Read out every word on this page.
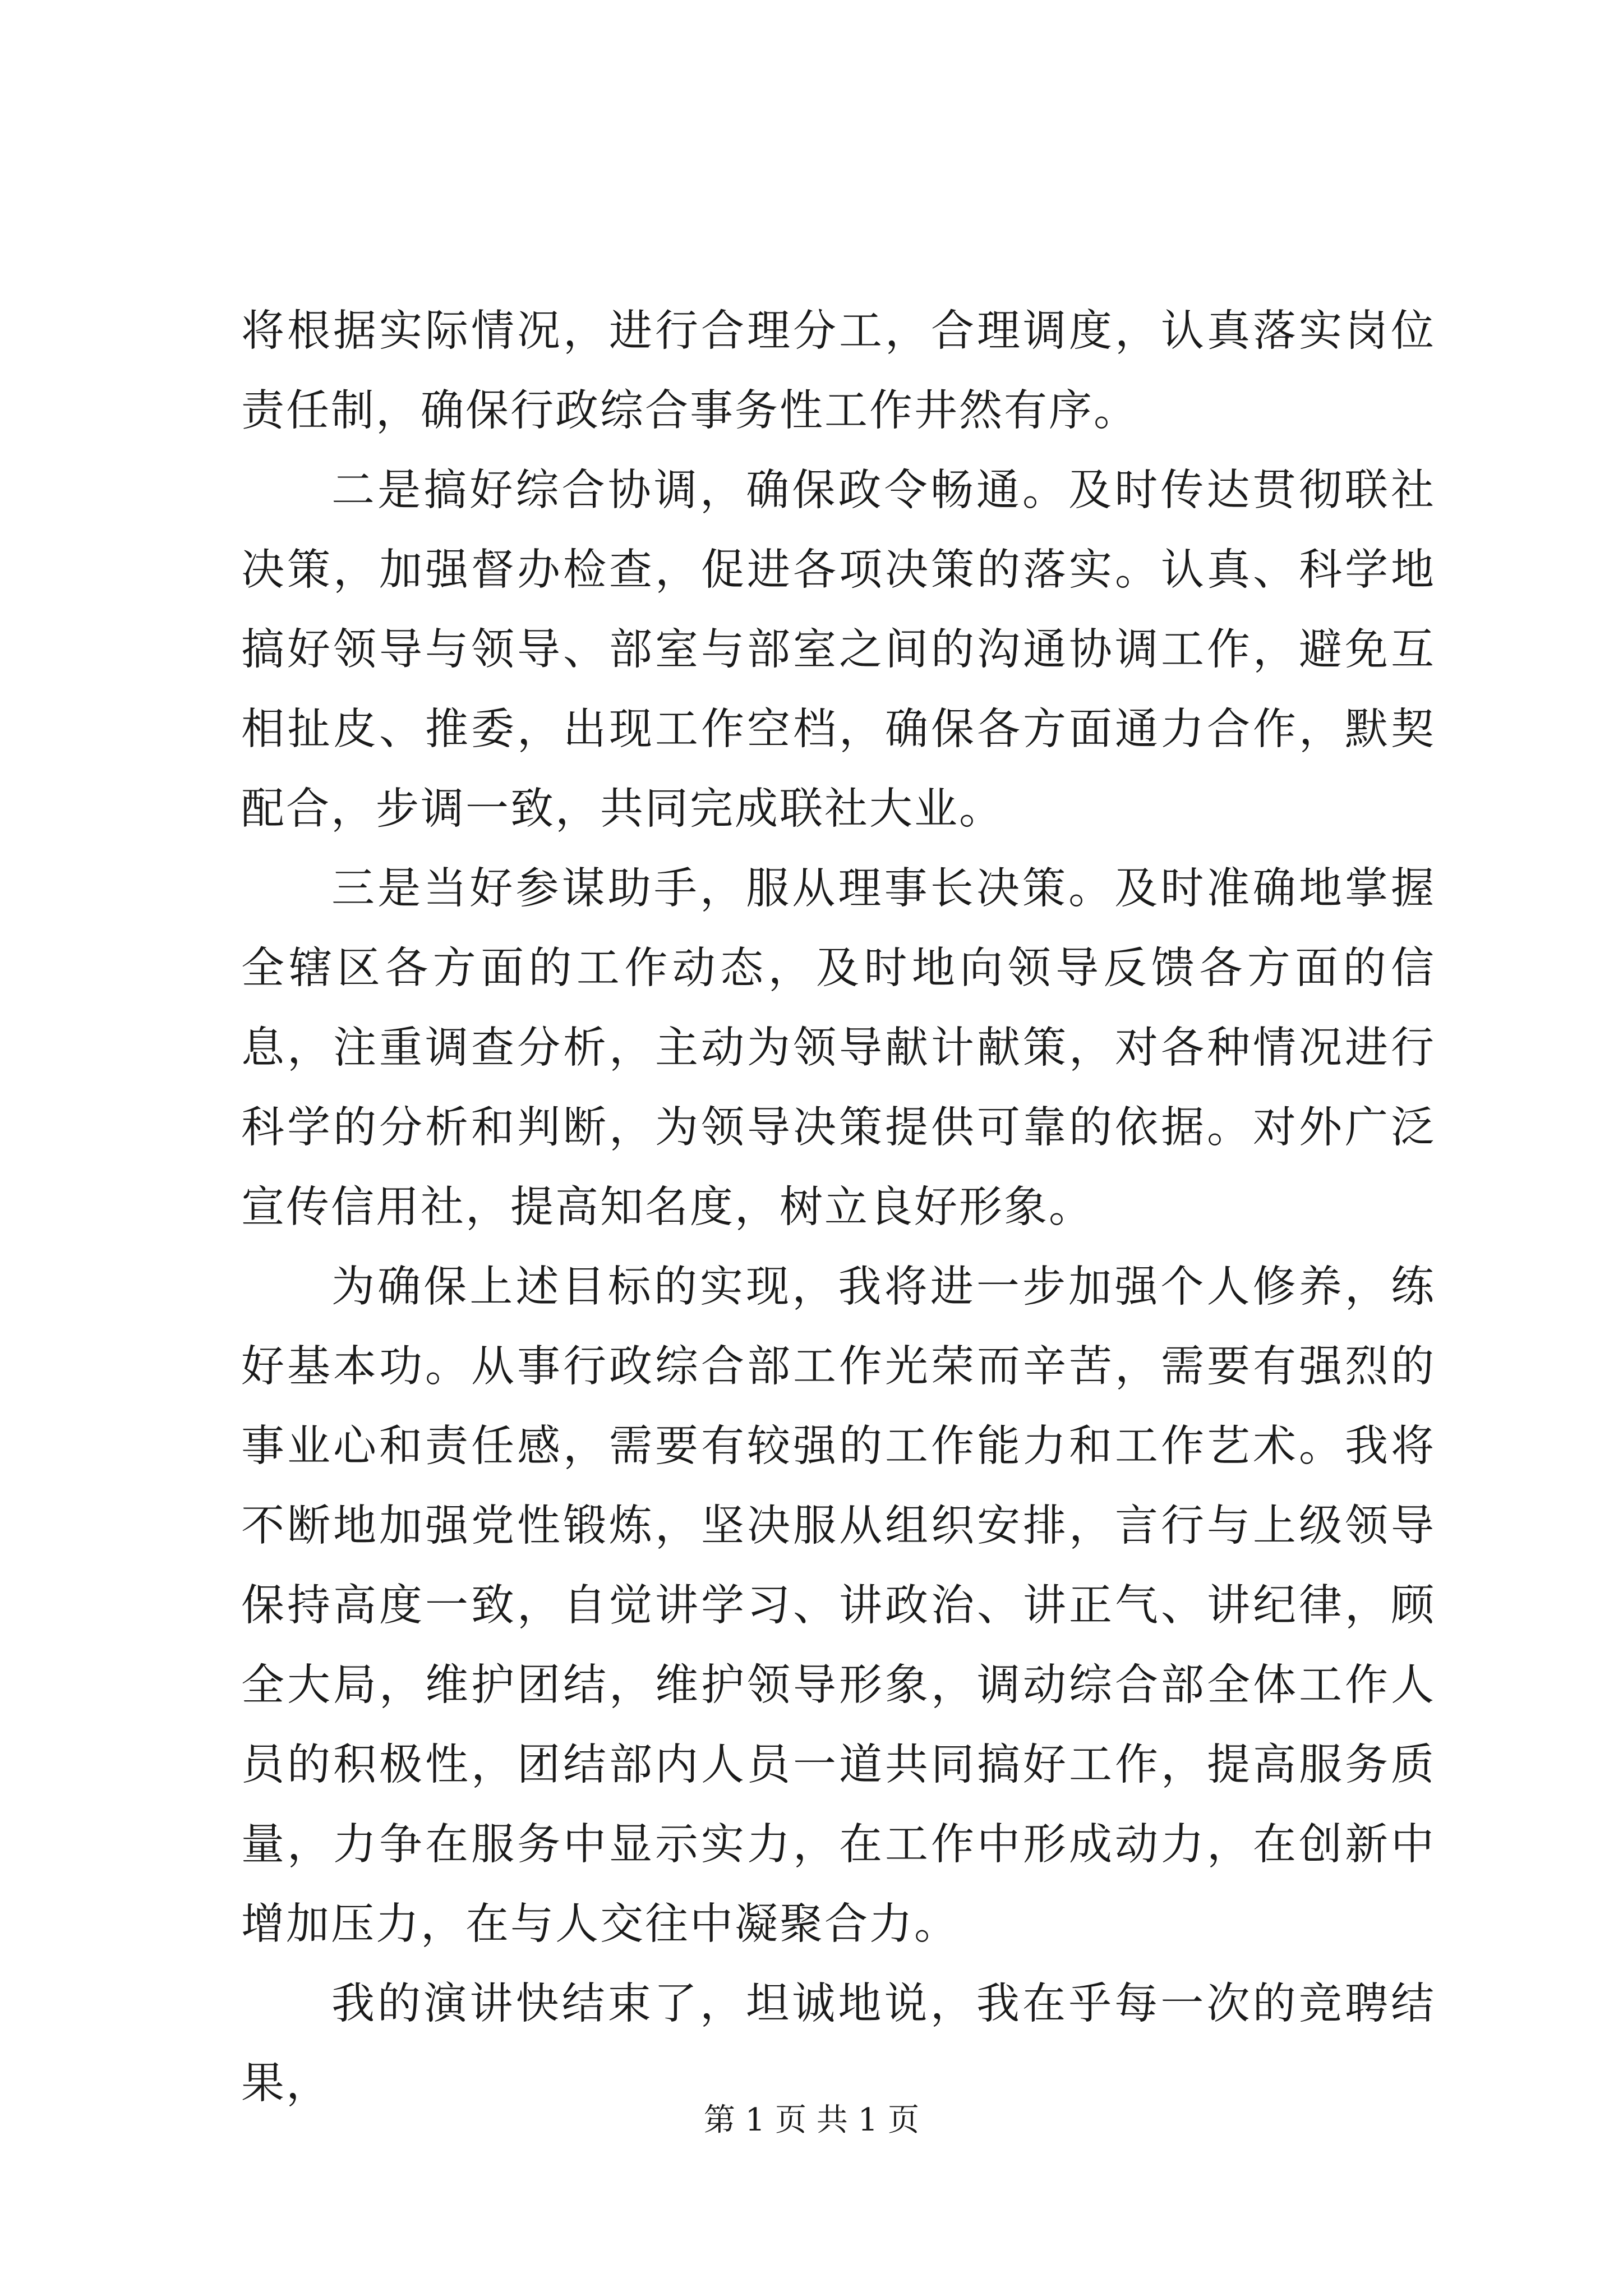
将根据实际情况，进行合理分工，合理调度，认真落实岗位责任制，确保行政综合事务性工作井然有序。

二是搞好综合协调，确保政令畅通。及时传达贯彻联社决策，加强督办检查，促进各项决策的落实。认真、科学地搞好领导与领导、部室与部室之间的沟通协调工作，避免互相扯皮、推委，出现工作空档，确保各方面通力合作，默契配合，步调一致，共同完成联社大业。

三是当好参谋助手，服从理事长决策。及时准确地掌握全辖区各方面的工作动态，及时地向领导反馈各方面的信息，注重调查分析，主动为领导献计献策，对各种情况进行科学的分析和判断，为领导决策提供可靠的依据。对外广泛宣传信用社，提高知名度，树立良好形象。

为确保上述目标的实现，我将进一步加强个人修养，练好基本功。从事行政综合部工作光荣而辛苦，需要有强烈的事业心和责任感，需要有较强的工作能力和工作艺术。我将不断地加强党性锻炼，坚决服从组织安排，言行与上级领导保持高度一致，自觉讲学习、讲政治、讲正气、讲纪律，顾全大局，维护团结，维护领导形象，调动综合部全体工作人员的积极性，团结部内人员一道共同搞好工作，提高服务质量，力争在服务中显示实力，在工作中形成动力，在创新中增加压力，在与人交往中凝聚合力。

我的演讲快结束了，坦诚地说，我在乎每一次的竞聘结果，

第 1 页 共 1 页
